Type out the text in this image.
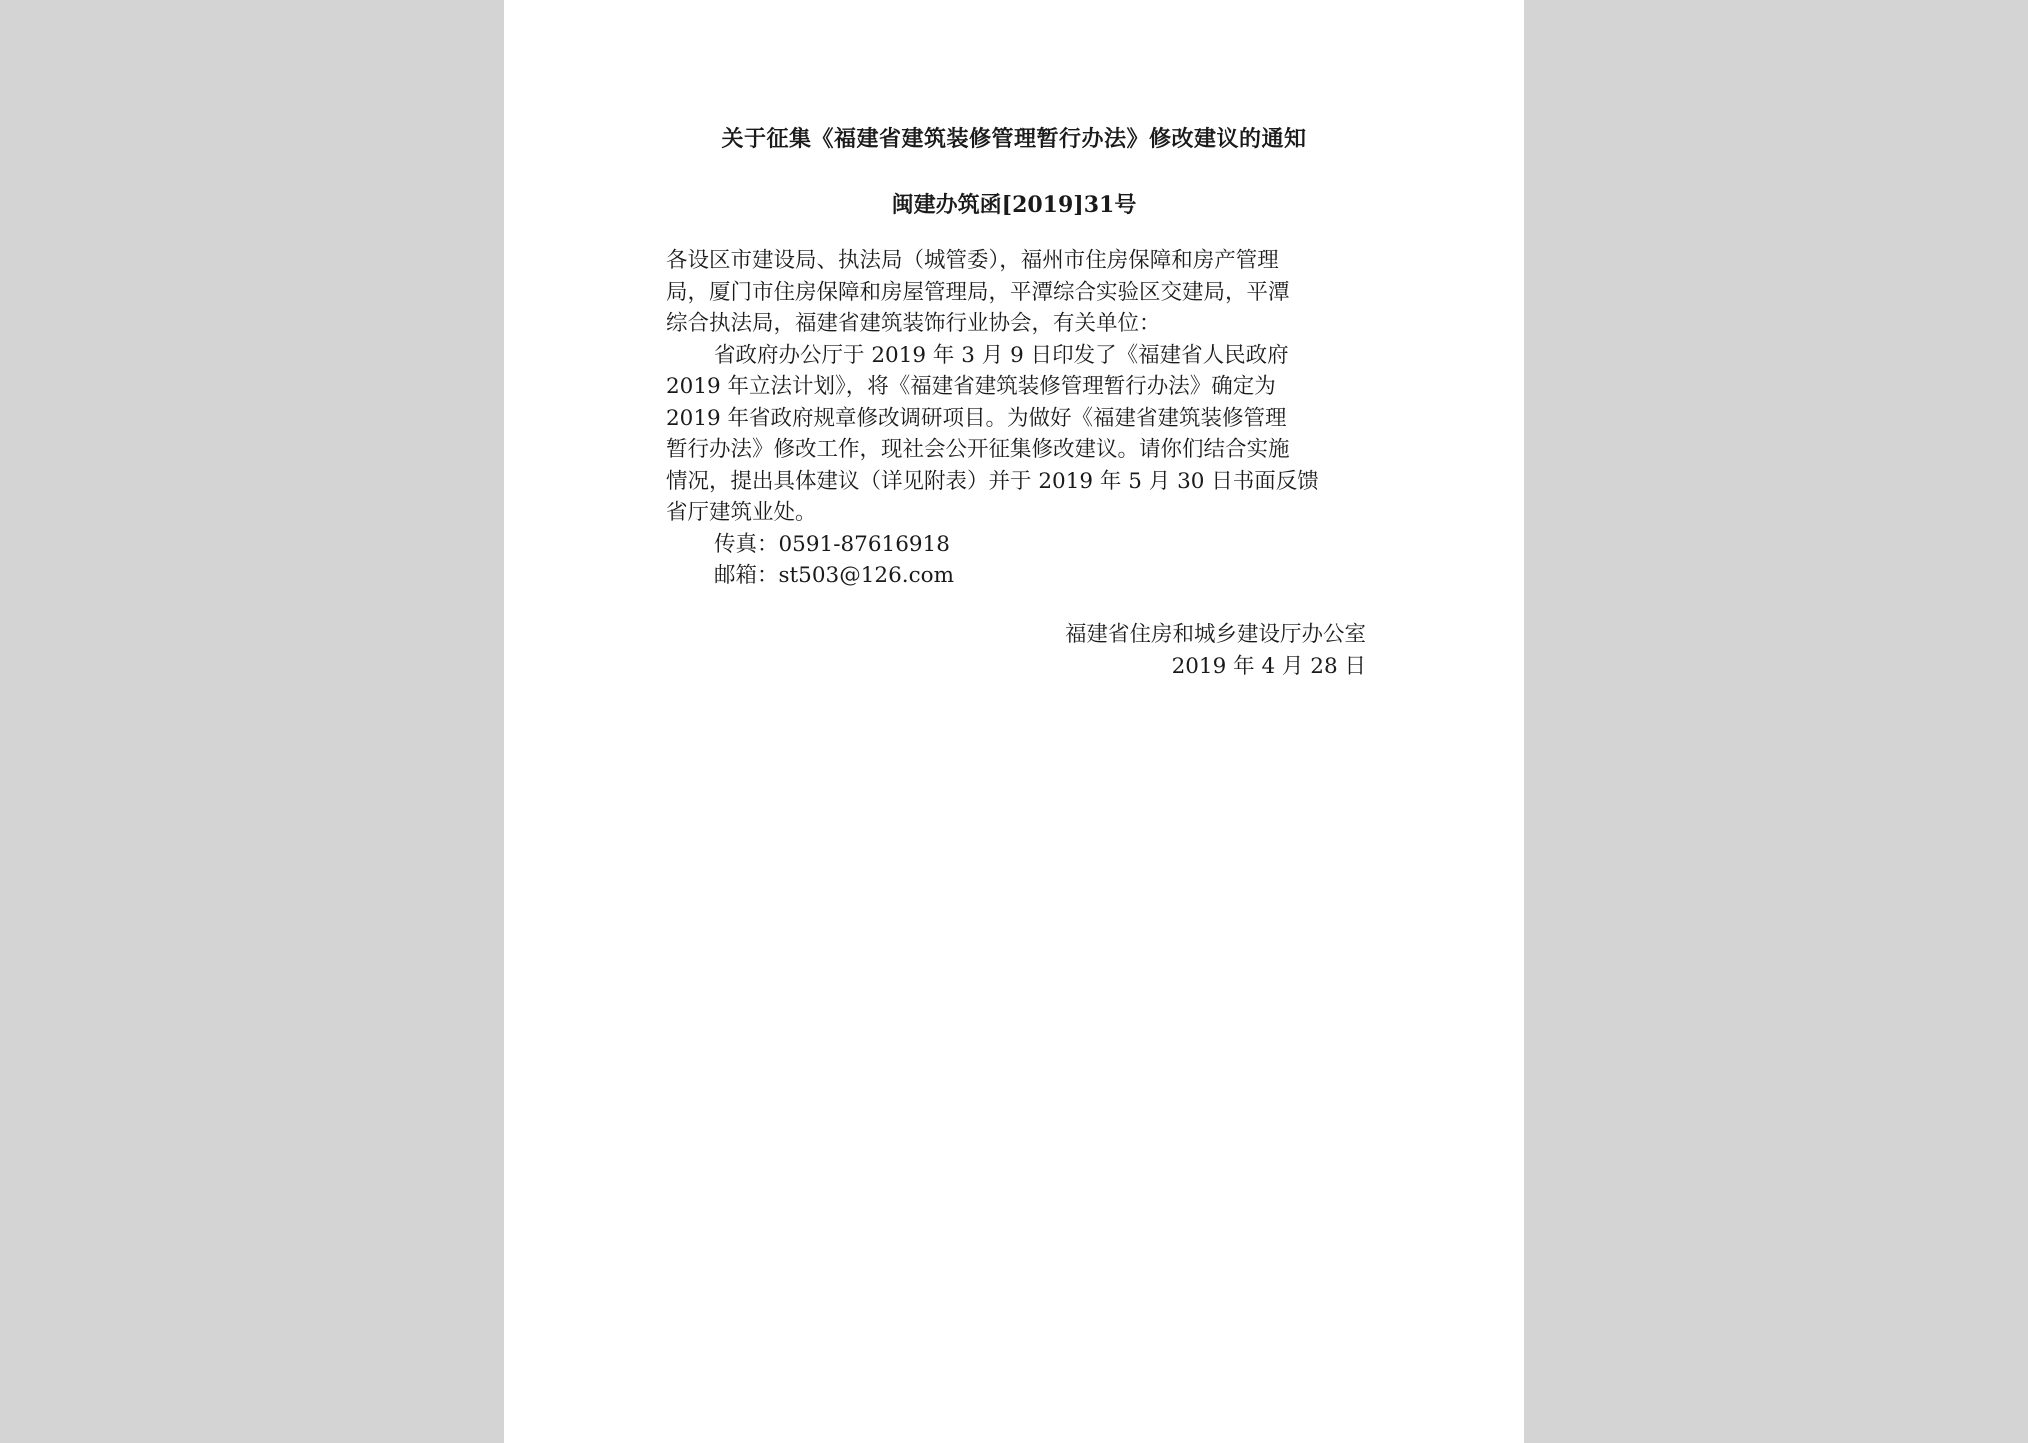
关于征集《福建省建筑装修管理暂行办法》修改建议的通知
闽建办筑函[2019]31号
各设区市建设局、执法局（城管委），福州市住房保障和房产管理
局，厦门市住房保障和房屋管理局，平潭综合实验区交建局，平潭
综合执法局，福建省建筑装饰行业协会，有关单位：
省政府办公厅于 2019 年 3 月 9 日印发了《福建省人民政府
2019 年立法计划》，将《福建省建筑装修管理暂行办法》确定为
2019 年省政府规章修改调研项目。为做好《福建省建筑装修管理
暂行办法》修改工作，现社会公开征集修改建议。请你们结合实施
情况，提出具体建议（详见附表）并于 2019 年 5 月 30 日书面反馈
省厅建筑业处。
传真：0591-87616918
邮箱：st503@126.com
福建省住房和城乡建设厅办公室
2019 年 4 月 28 日
